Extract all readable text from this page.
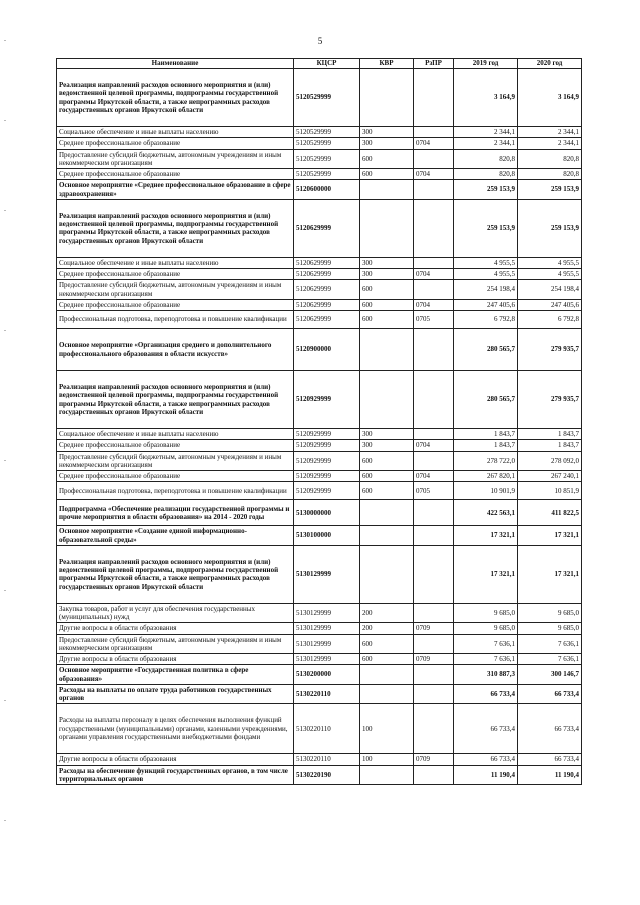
5
Наименование	КЦСР	КВР	РзПР	2019 год	2020 год
Реализация направлений расходов основного мероприятия и (или) ведомственной целевой программы, подпрограммы государственной программы Иркутской области, а также непрограммных расходов государственных органов Иркутской области	5120529999			3 164,9	3 164,9
Социальное обеспечение и иные выплаты населению	5120529999	300		2 344,1	2 344,1
Среднее профессиональное образование	5120529999	300	0704	2 344,1	2 344,1
Предоставление субсидий бюджетным, автономным учреждениям и иным некоммерческим организациям	5120529999	600		820,8	820,8
Среднее профессиональное образование	5120529999	600	0704	820,8	820,8
Основное мероприятие «Среднее профессиональное образование в сфере здравоохранения»	5120600000			259 153,9	259 153,9
Реализация направлений расходов основного мероприятия и (или) ведомственной целевой программы, подпрограммы государственной программы Иркутской области, а также непрограммных расходов государственных органов Иркутской области	5120629999			259 153,9	259 153,9
Социальное обеспечение и иные выплаты населению	5120629999	300		4 955,5	4 955,5
Среднее профессиональное образование	5120629999	300	0704	4 955,5	4 955,5
Предоставление субсидий бюджетным, автономным учреждениям и иным некоммерческим организациям	5120629999	600		254 198,4	254 198,4
Среднее профессиональное образование	5120629999	600	0704	247 405,6	247 405,6
Профессиональная подготовка, переподготовка и повышение квалификации	5120629999	600	0705	6 792,8	6 792,8
Основное мероприятие «Организация среднего и дополнительного профессионального образования в области искусств»	5120900000			280 565,7	279 935,7
Реализация направлений расходов основного мероприятия и (или) ведомственной целевой программы, подпрограммы государственной программы Иркутской области, а также непрограммных расходов государственных органов Иркутской области	5120929999			280 565,7	279 935,7
Социальное обеспечение и иные выплаты населению	5120929999	300		1 843,7	1 843,7
Среднее профессиональное образование	5120929999	300	0704	1 843,7	1 843,7
Предоставление субсидий бюджетным, автономным учреждениям и иным некоммерческим организациям	5120929999	600		278 722,0	278 092,0
Среднее профессиональное образование	5120929999	600	0704	267 820,1	267 240,1
Профессиональная подготовка, переподготовка и повышение квалификации	5120929999	600	0705	10 901,9	10 851,9
Подпрограмма «Обеспечение реализации государственной программы и прочие мероприятия в области образования» на 2014 - 2020 годы	5130000000			422 563,1	411 822,5
Основное мероприятие «Создание единой информационно-образовательной среды»	5130100000			17 321,1	17 321,1
Реализация направлений расходов основного мероприятия и (или) ведомственной целевой программы, подпрограммы государственной программы Иркутской области, а также непрограммных расходов государственных органов Иркутской области	5130129999			17 321,1	17 321,1
Закупка товаров, работ и услуг для обеспечения государственных (муниципальных) нужд	5130129999	200		9 685,0	9 685,0
Другие вопросы в области образования	5130129999	200	0709	9 685,0	9 685,0
Предоставление субсидий бюджетным, автономным учреждениям и иным некоммерческим организациям	5130129999	600		7 636,1	7 636,1
Другие вопросы в области образования	5130129999	600	0709	7 636,1	7 636,1
Основное мероприятие «Государственная политика в сфере образования»	5130200000			310 887,3	300 146,7
Расходы на выплаты по оплате труда работников государственных органов	5130220110			66 733,4	66 733,4
Расходы на выплаты персоналу в целях обеспечения выполнения функций государственными (муниципальными) органами, казенными учреждениями, органами управления государственными внебюджетными фондами	5130220110	100		66 733,4	66 733,4
Другие вопросы в области образования	5130220110	100	0709	66 733,4	66 733,4
Расходы на обеспечение функций государственных органов, в том числе территориальных органов	5130220190			11 190,4	11 190,4
